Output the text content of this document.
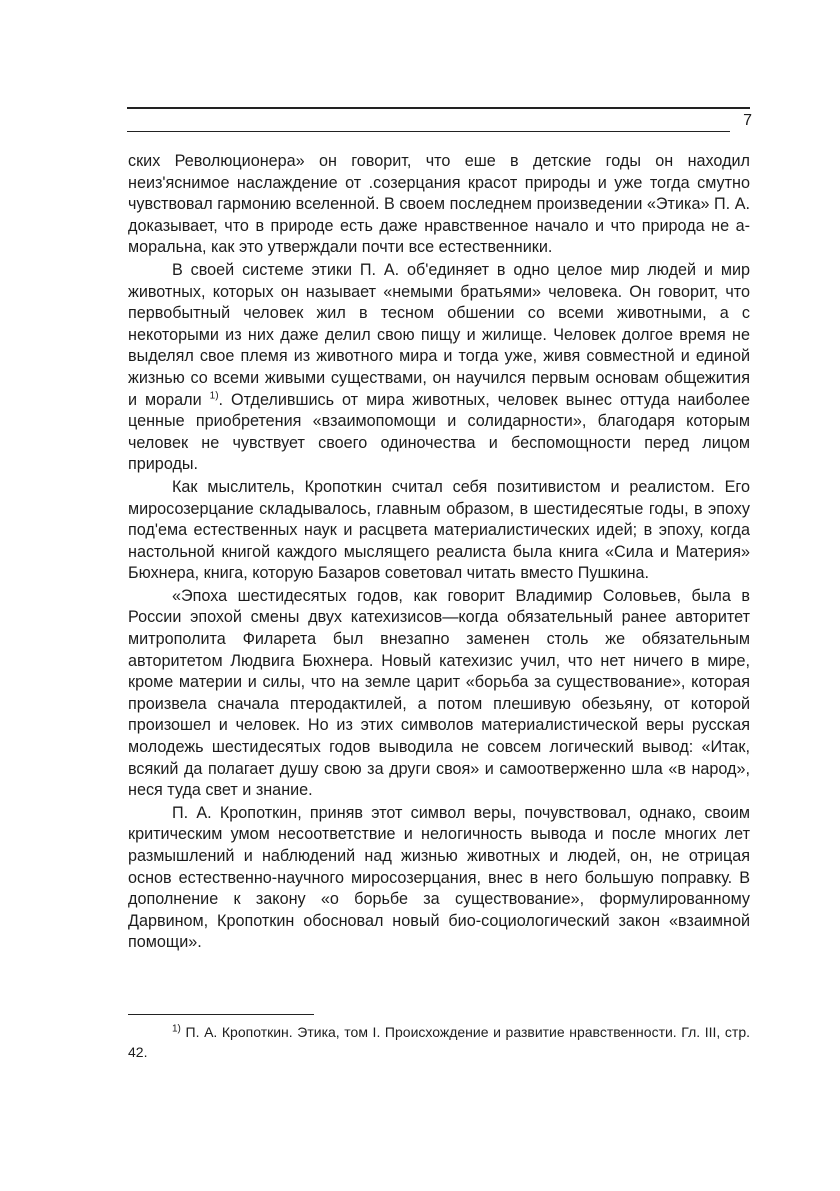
7

ских Революционера» он говорит, что еше в детские годы он находил неиз'яснимое наслаждение от .созерцания красот природы и уже тогда смутно чувствовал гармонию вселенной. В своем последнем произведении «Этика» П. А. доказывает, что в природе есть даже нравственное начало и что природа не а-моральна, как это утверждали почти все естественники.

В своей системе этики П. А. об'единяет в одно целое мир людей и мир животных, которых он называет «немыми братьями» человека. Он говорит, что первобытный человек жил в тесном обшении со всеми животными, а с некоторыми из них даже делил свою пищу и жилище. Человек долгое время не выделял свое племя из животного мира и тогда уже, живя совместной и единой жизнью со всеми живыми существами, он научился первым основам общежития и морали $^{1)}$. Отделившись от мира животных, человек вынес оттуда наиболее ценные приобретения «взаимопомощи и солидарности», благодаря которым человек не чувствует своего одиночества и беспомощности перед лицом природы.

Как мыслитель, Кропоткин считал себя позитивистом и реалистом. Его миросозерцание складывалось, главным образом, в шестидесятые годы, в эпоху под'ема естественных наук и расцвета материалистических идей; в эпоху, когда настольной книгой каждого мыслящего реалиста была книга «Сила и Материя» Бюхнера, книга, которую Базаров советовал читать вместо Пушкина.

«Эпоха шестидесятых годов, как говорит Владимир Соловьев, была в России эпохой смены двух катехизисов—когда обязательный ранее авторитет митрополита Филарета был внезапно заменен столь же обязательным авторитетом Людвига Бюхнера. Новый катехизис учил, что нет ничего в мире, кроме материи и силы, что на земле царит «борьба за существование», которая произвела сначала птеродактилей, а потом плешивую обезьяну, от которой произошел и человек. Но из этих символов материалистической веры русская молодежь шестидесятых годов выводила не совсем логический вывод: «Итак, всякий да полагает душу свою за други своя» и самоотверженно шла «в народ», неся туда свет и знание.

П. А. Кропоткин, приняв этот символ веры, почувствовал, однако, своим критическим умом несоответствие и нелогичность вывода и после многих лет размышлений и наблюдений над жизнью животных и людей, он, не отрицая основ естественно-научного миросозерцания, внес в него большую поправку. В дополнение к закону «о борьбе за существование», формулированному Дарвином, Кропоткин обосновал новый био-социологический закон «взаимной помощи».

$^{1)}$ П. А. Кропоткин. Этика, том I. Происхождение и развитие нравственности. Гл. III, стр. 42.
